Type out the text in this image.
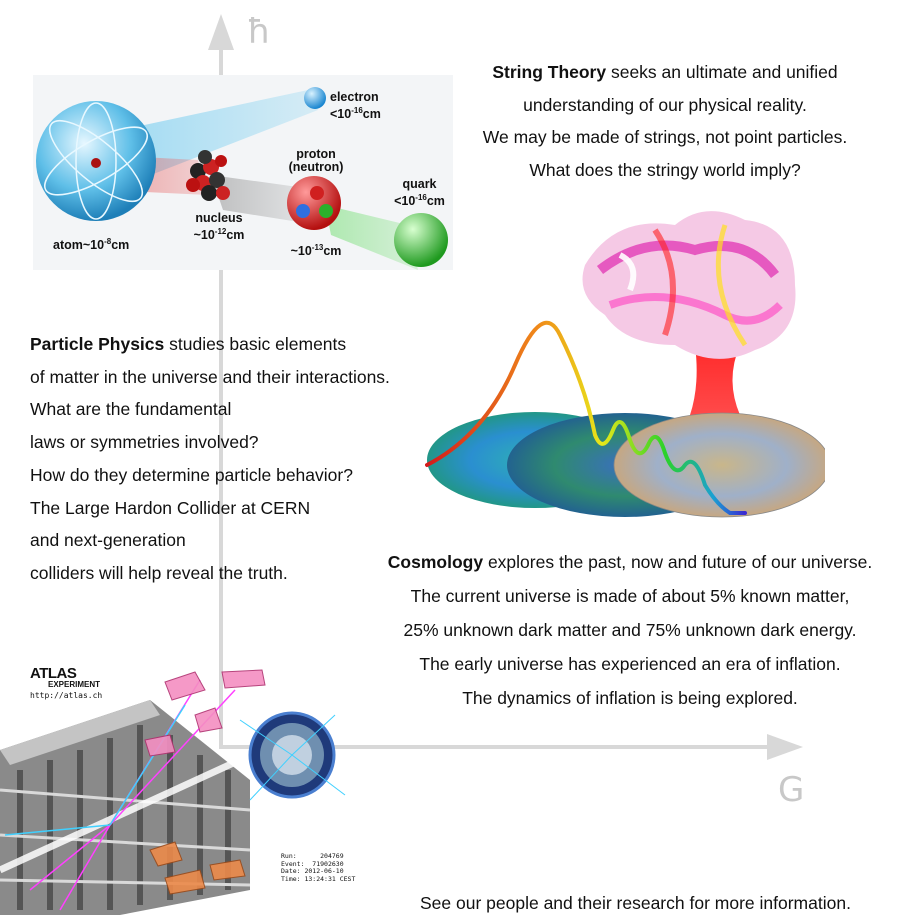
ħ
G
electron
$<10^{-16}cm$
proton
(neutron)
quark
$<10^{-16}cm$
nucleus
$\sim 10^{-12}cm$
$\sim 10^{-13}cm$
$atom\sim 10^{-8}cm$

String Theory seeks an ultimate and unified

understanding of our physical reality.

We may be made of strings, not point particles.

What does the stringy world imply?

Particle Physics studies basic elements

of matter in the universe and their interactions.

What are the fundamental

laws or symmetries involved?

How do they determine particle behavior?

The Large Hardon Collider at CERN

and next-generation

colliders will help reveal the truth.

Cosmology explores the past, now and future of our universe.

The current universe is made of about 5% known matter,

25% unknown dark matter and 75% unknown dark energy.

The early universe has experienced an era of inflation.

The dynamics of inflation is being explored.

ATLAS
EXPERIMENT
http://atlas.ch
Run:      204769
Event:  71902630
Date: 2012-06-10
Time: 13:24:31 CEST
See our people and their research for more information.
